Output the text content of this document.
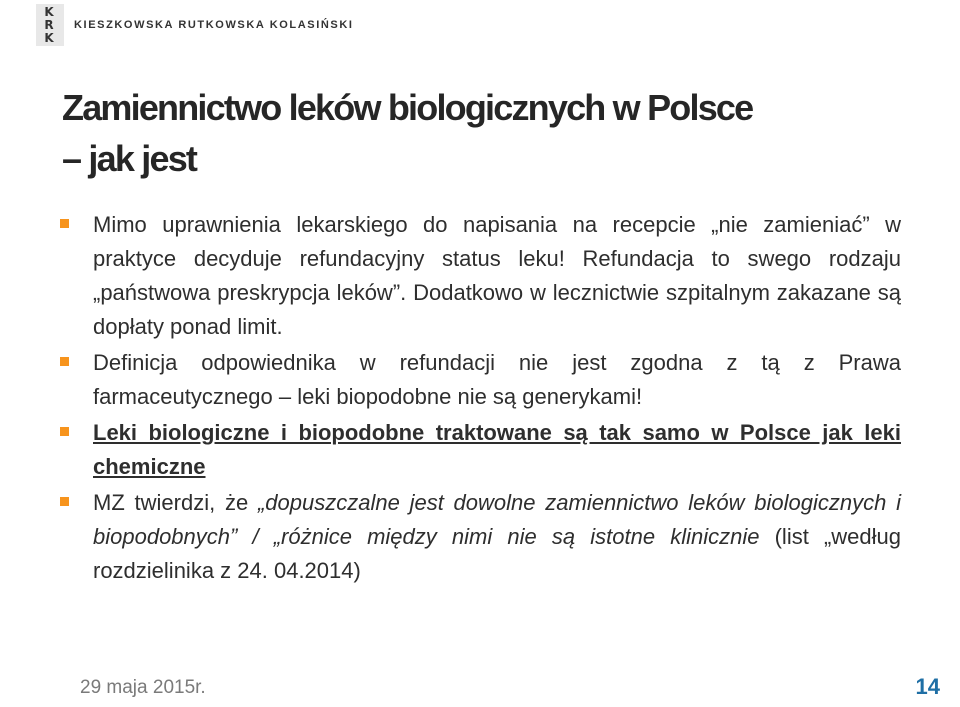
K
R
K
KIESZKOWSKA RUTKOWSKA KOLASIŃSKI
Zamiennictwo leków biologicznych w Polsce
– jak jest
Mimo uprawnienia lekarskiego do napisania na recepcie „nie zamieniać” w praktyce decyduje refundacyjny status leku! Refundacja to swego rodzaju „państwowa preskrypcja leków”. Dodatkowo w lecznictwie szpitalnym zakazane są dopłaty ponad limit.
Definicja odpowiednika w refundacji nie jest zgodna z tą z Prawa farmaceutycznego – leki biopodobne nie są generykami!
Leki biologiczne i biopodobne traktowane są tak samo w Polsce jak leki chemiczne
MZ twierdzi, że „dopuszczalne jest dowolne zamiennictwo leków biologicznych i biopodobnych” / „różnice między nimi nie są istotne klinicznie (list „według rozdzielinika z 24. 04.2014)
29 maja 2015r.	14
